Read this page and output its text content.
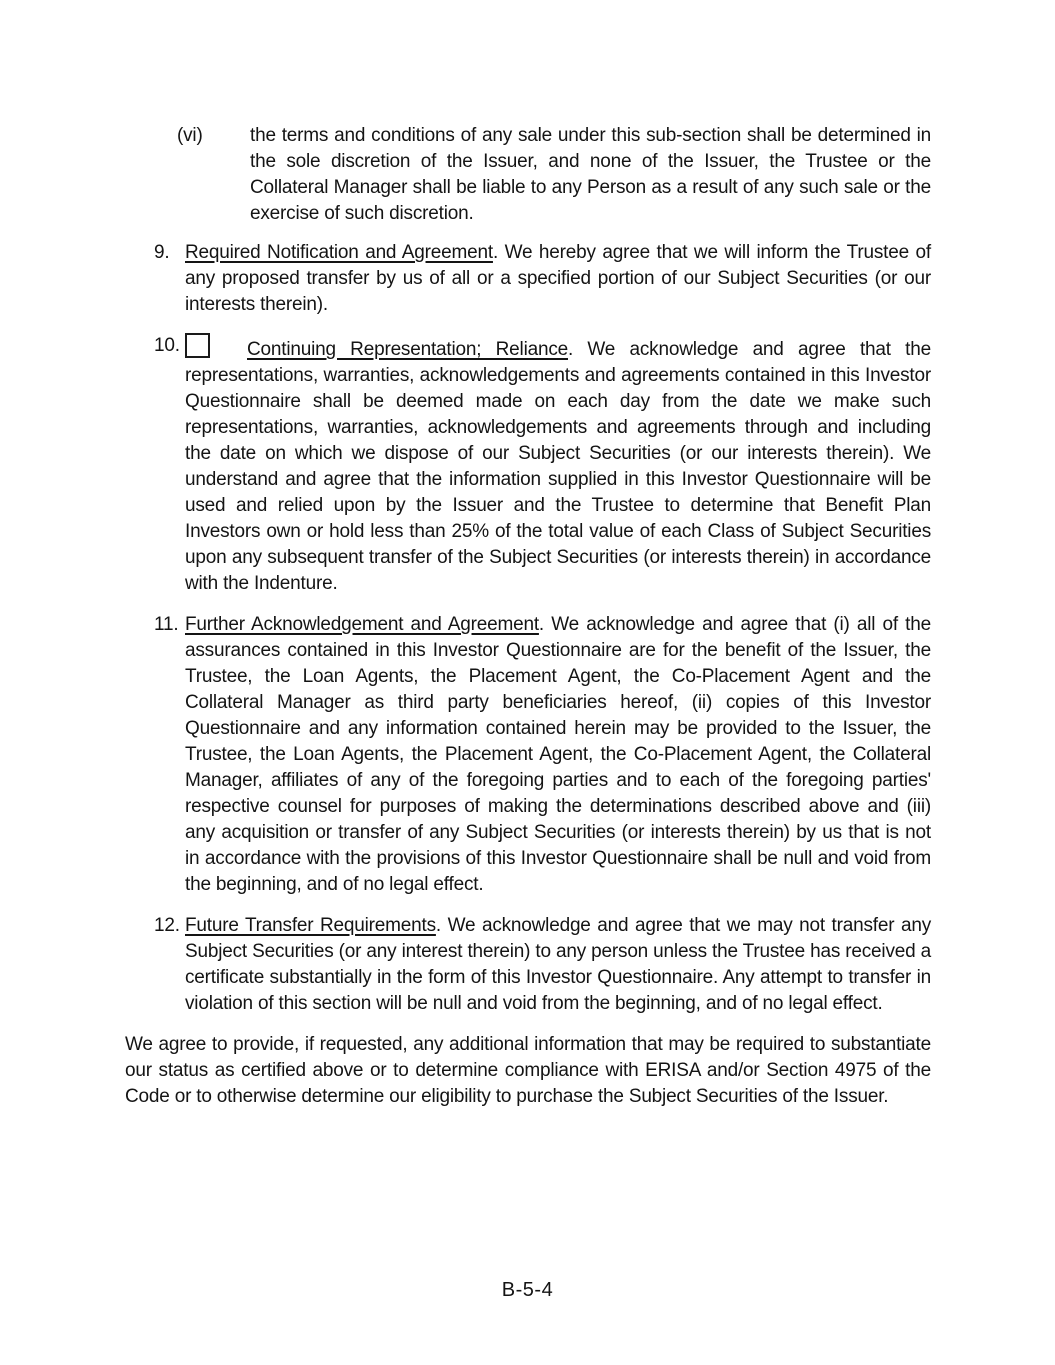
(vi) the terms and conditions of any sale under this sub-section shall be determined in the sole discretion of the Issuer, and none of the Issuer, the Trustee or the Collateral Manager shall be liable to any Person as a result of any such sale or the exercise of such discretion.
9. Required Notification and Agreement. We hereby agree that we will inform the Trustee of any proposed transfer by us of all or a specified portion of our Subject Securities (or our interests therein).
10.	Continuing Representation; Reliance. We acknowledge and agree that the representations, warranties, acknowledgements and agreements contained in this Investor Questionnaire shall be deemed made on each day from the date we make such representations, warranties, acknowledgements and agreements through and including the date on which we dispose of our Subject Securities (or our interests therein). We understand and agree that the information supplied in this Investor Questionnaire will be used and relied upon by the Issuer and the Trustee to determine that Benefit Plan Investors own or hold less than 25% of the total value of each Class of Subject Securities upon any subsequent transfer of the Subject Securities (or interests therein) in accordance with the Indenture.
11. Further Acknowledgement and Agreement. We acknowledge and agree that (i) all of the assurances contained in this Investor Questionnaire are for the benefit of the Issuer, the Trustee, the Loan Agents, the Placement Agent, the Co-Placement Agent and the Collateral Manager as third party beneficiaries hereof, (ii) copies of this Investor Questionnaire and any information contained herein may be provided to the Issuer, the Trustee, the Loan Agents, the Placement Agent, the Co-Placement Agent, the Collateral Manager, affiliates of any of the foregoing parties and to each of the foregoing parties' respective counsel for purposes of making the determinations described above and (iii) any acquisition or transfer of any Subject Securities (or interests therein) by us that is not in accordance with the provisions of this Investor Questionnaire shall be null and void from the beginning, and of no legal effect.
12. Future Transfer Requirements. We acknowledge and agree that we may not transfer any Subject Securities (or any interest therein) to any person unless the Trustee has received a certificate substantially in the form of this Investor Questionnaire. Any attempt to transfer in violation of this section will be null and void from the beginning, and of no legal effect.
We agree to provide, if requested, any additional information that may be required to substantiate our status as certified above or to determine compliance with ERISA and/or Section 4975 of the Code or to otherwise determine our eligibility to purchase the Subject Securities of the Issuer.
B-5-4
